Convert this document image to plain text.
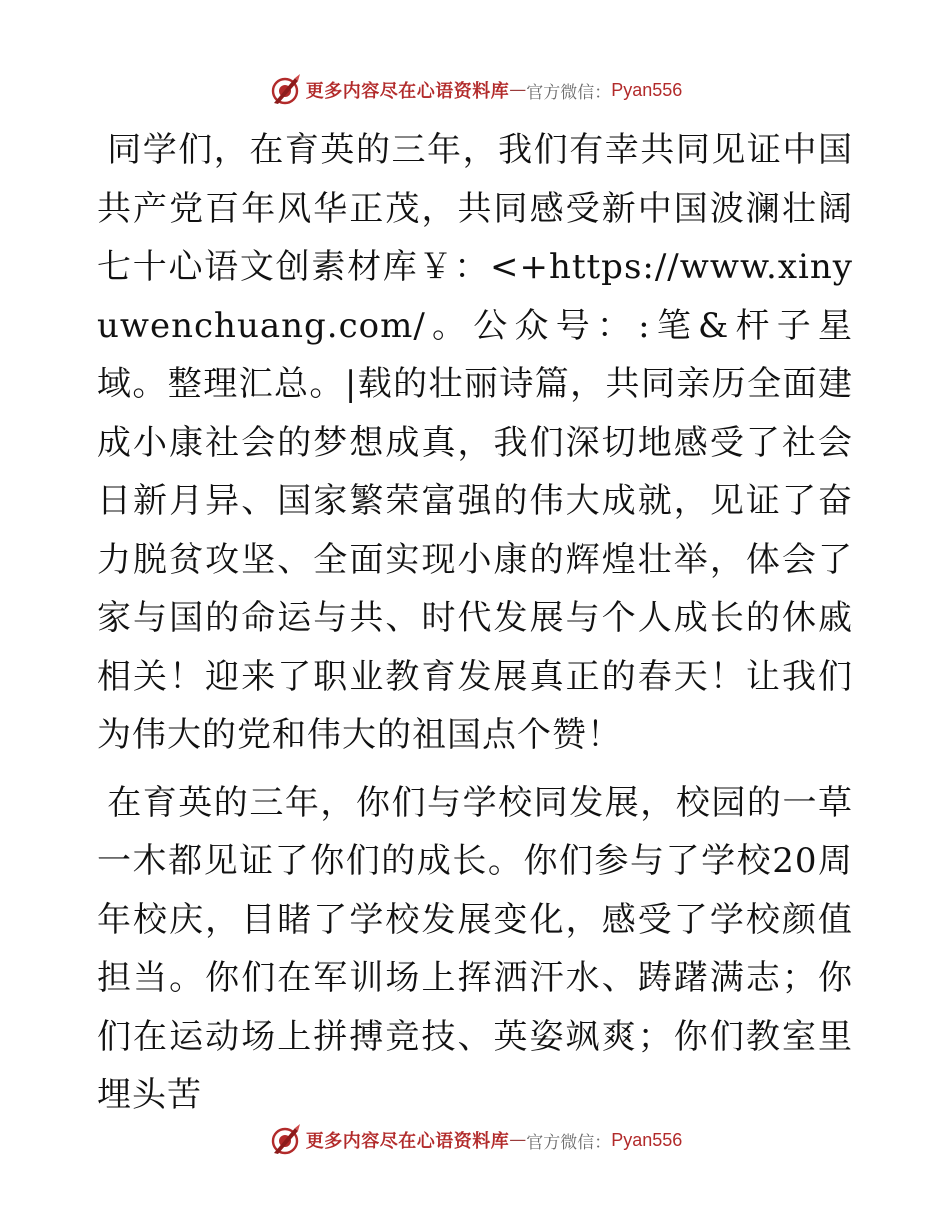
更多内容尽在心语资料库 — 官方微信： Pyan556

同学们，在育英的三年，我们有幸共同见证中国共产党百年风华正茂，共同感受新中国波澜壮阔七十心语文创素材库￥：<+https://www.xinyuwenchuang.com/。公众号：:笔&杆子星域。整理汇总。|载的壮丽诗篇，共同亲历全面建成小康社会的梦想成真，我们深切地感受了社会日新月异、国家繁荣富强的伟大成就，见证了奋力脱贫攻坚、全面实现小康的辉煌壮举，体会了家与国的命运与共、时代发展与个人成长的休戚相关！迎来了职业教育发展真正的春天！让我们为伟大的党和伟大的祖国点个赞！

在育英的三年，你们与学校同发展，校园的一草一木都见证了你们的成长。你们参与了学校20周年校庆，目睹了学校发展变化，感受了学校颜值担当。你们在军训场上挥洒汗水、踌躇满志；你们在运动场上拼搏竞技、英姿飒爽；你们教室里埋头苦

更多内容尽在心语资料库 — 官方微信： Pyan556
